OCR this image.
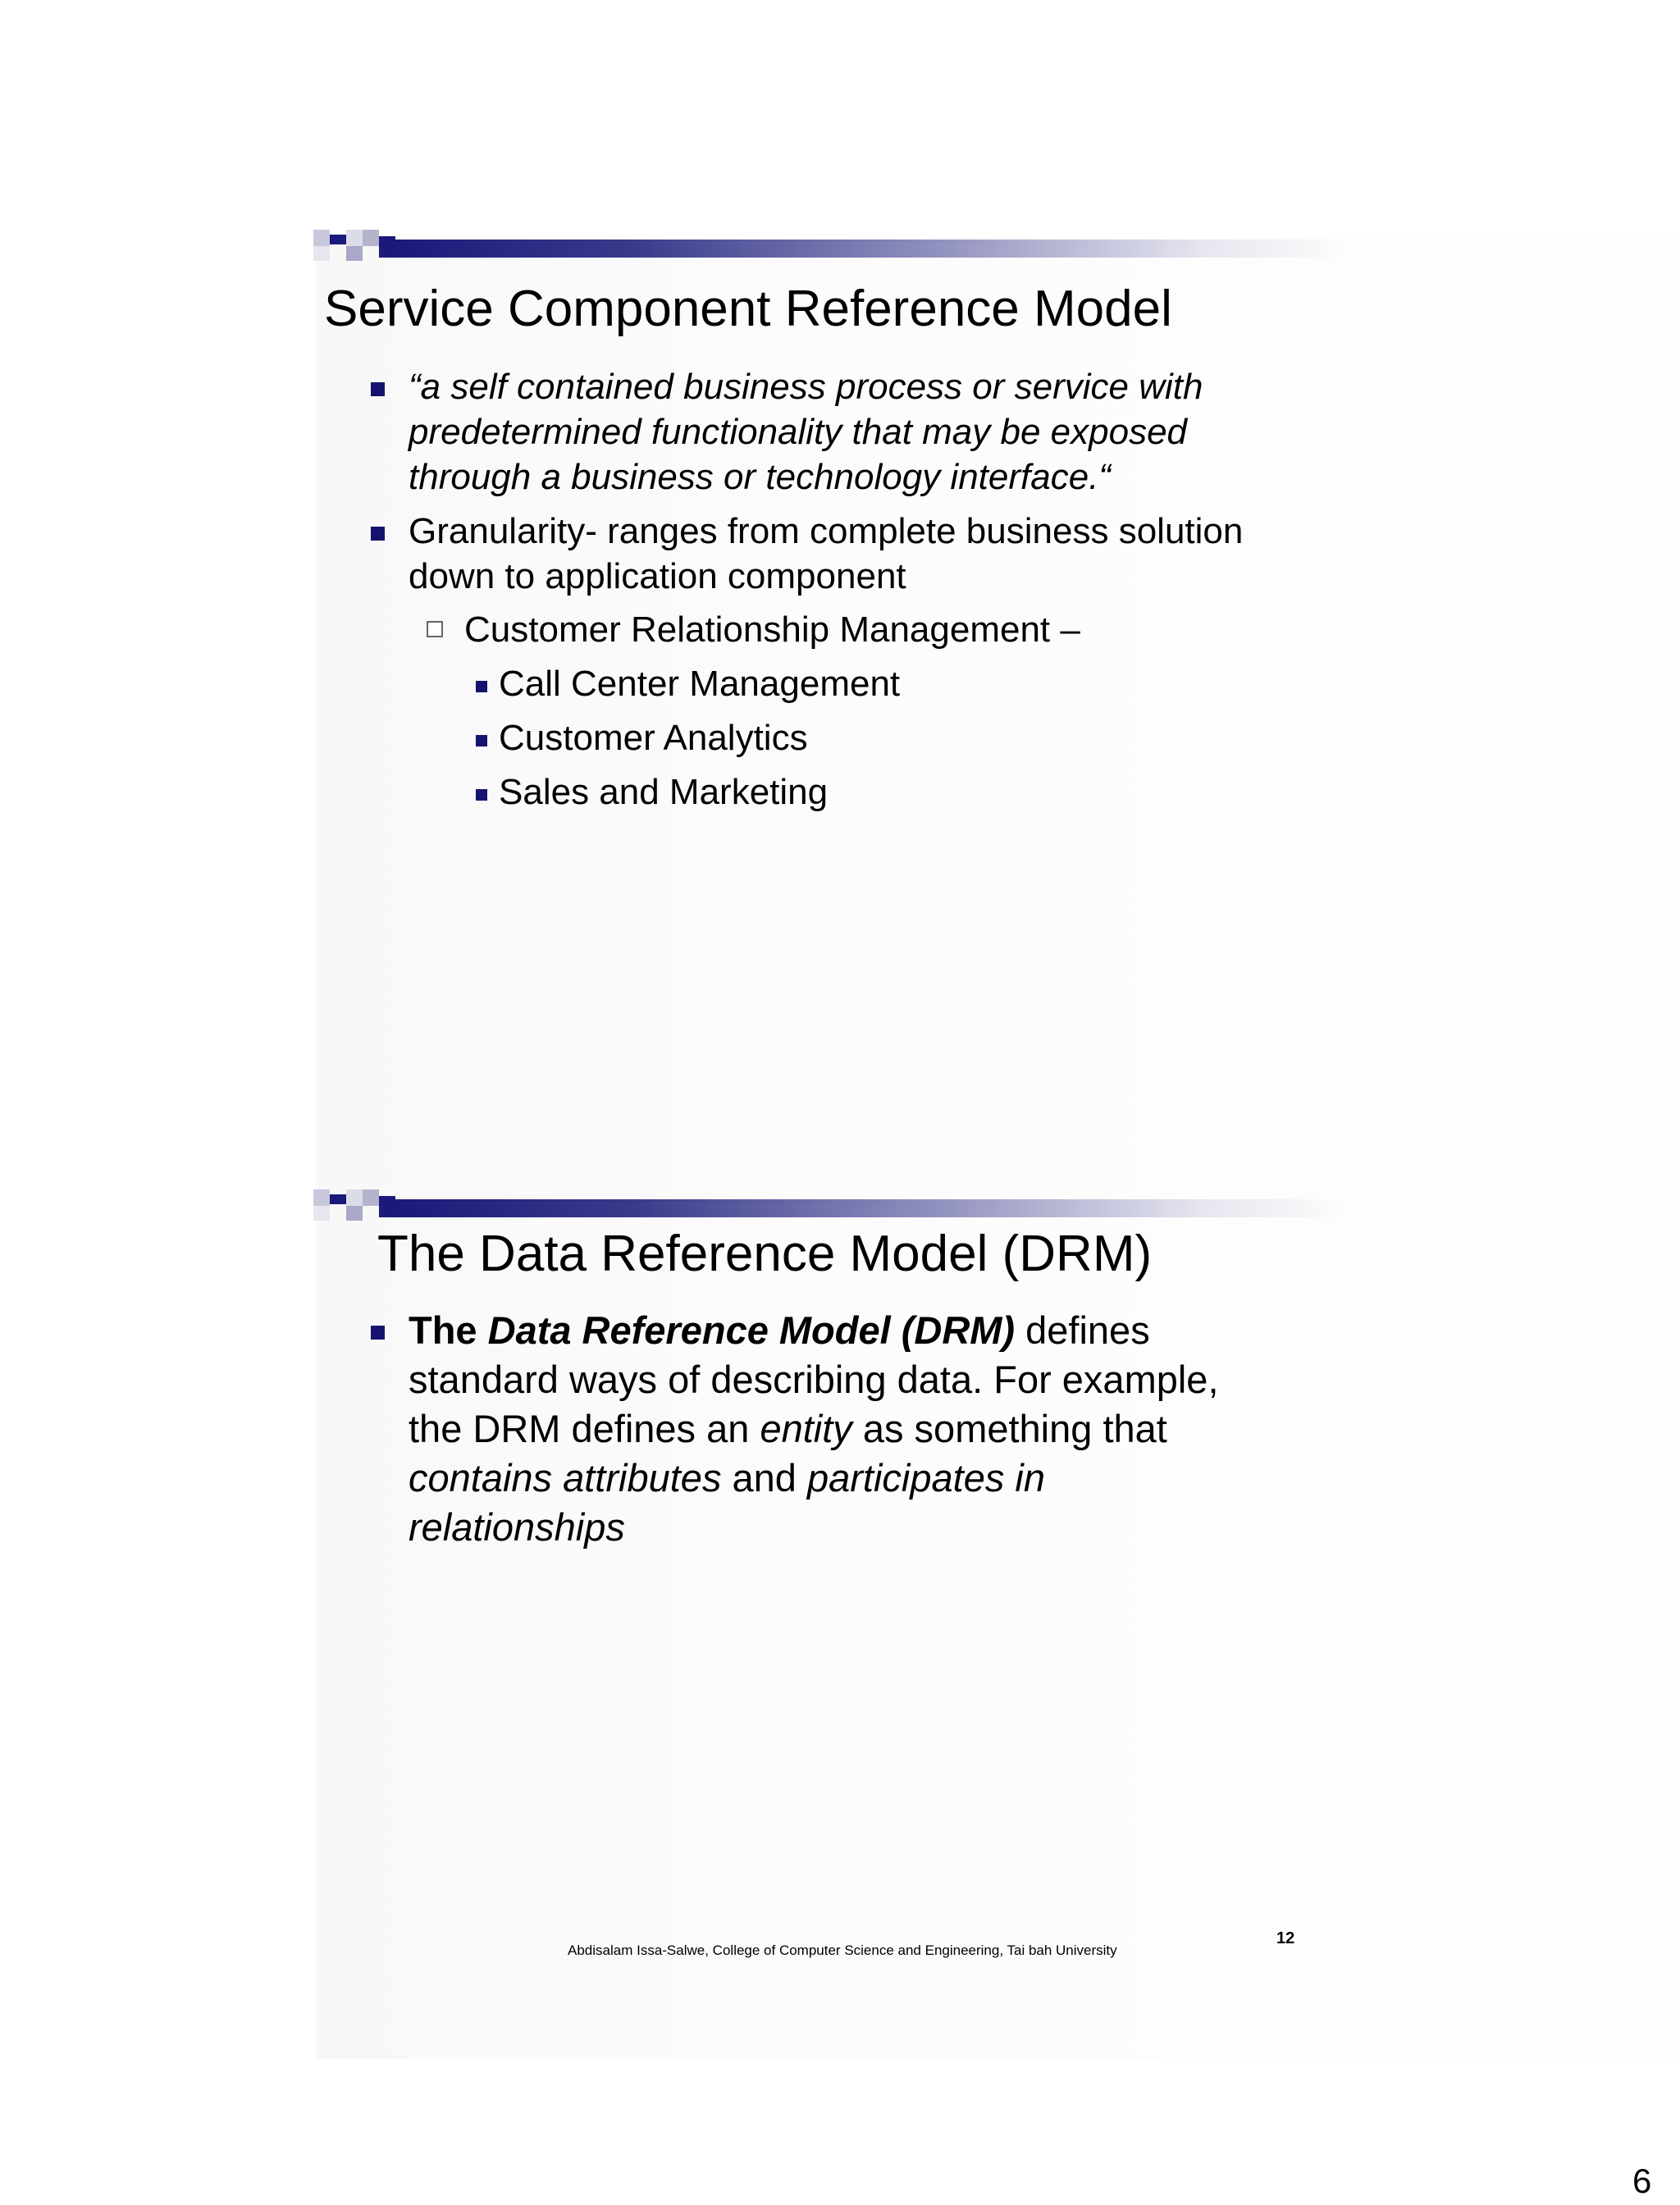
Service Component Reference Model
“a self contained business process or service with
predetermined functionality that may be exposed
through a business or technology interface.“
Granularity- ranges from complete business solution
down to application component
Customer Relationship Management –
Call Center Management
Customer Analytics
Sales and Marketing
The Data Reference Model (DRM)
The Data Reference Model (DRM) defines
standard ways of describing data. For example,
the DRM defines an entity as something that
contains attributes and participates in
relationships
12
Abdisalam Issa-Salwe, College of Computer Science and Engineering, Tai bah University
6
